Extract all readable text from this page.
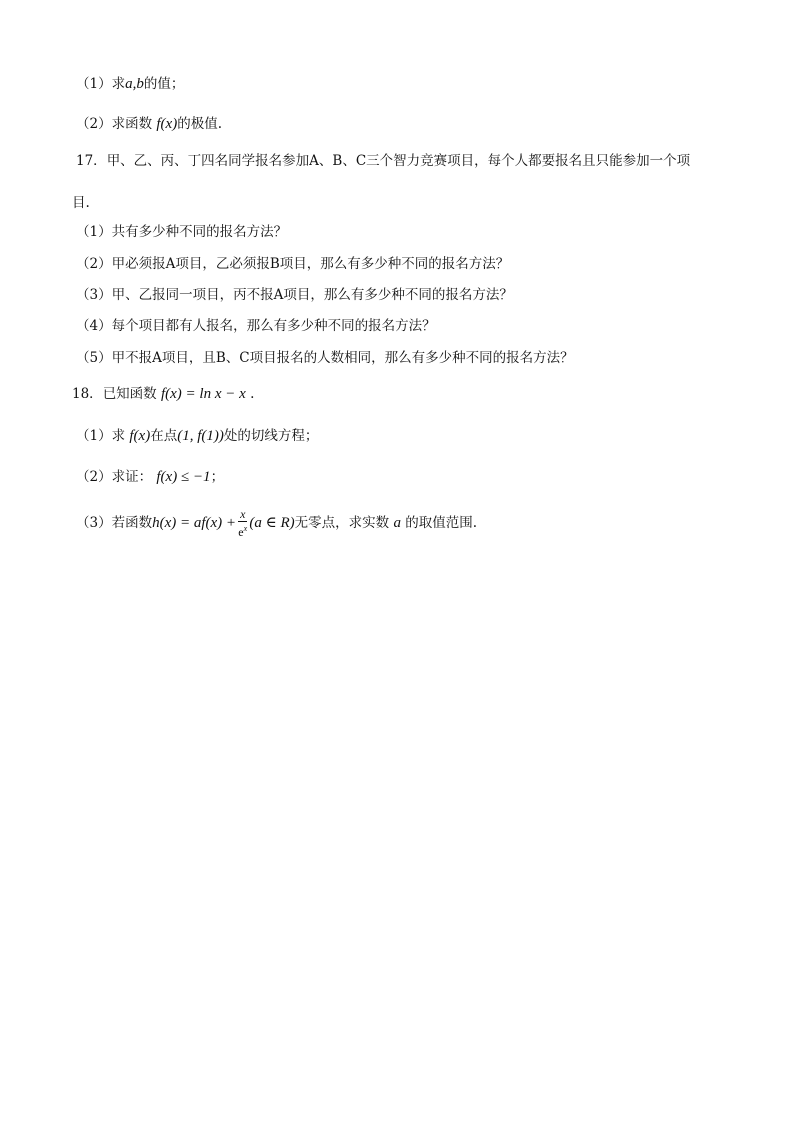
（1）求a,b的值；
（2）求函数 f(x)的极值.
17．甲、乙、丙、丁四名同学报名参加A、B、C三个智力竞赛项目，每个人都要报名且只能参加一个项
目.
（1）共有多少种不同的报名方法？
（2）甲必须报A项目，乙必须报B项目，那么有多少种不同的报名方法？
（3）甲、乙报同一项目，丙不报A项目，那么有多少种不同的报名方法？
（4）每个项目都有人报名，那么有多少种不同的报名方法？
（5）甲不报A项目，且B、C项目报名的人数相同，那么有多少种不同的报名方法？
18．已知函数 f(x) = ln x − x .
（1）求 f(x)在点(1, f(1))处的切线方程；
（2）求证： f(x) ≤ −1；
（3）若函数$h(x) = af(x) + \frac{x}{e^x} (a$ ∈ R)无零点，求实数 a 的取值范围.
